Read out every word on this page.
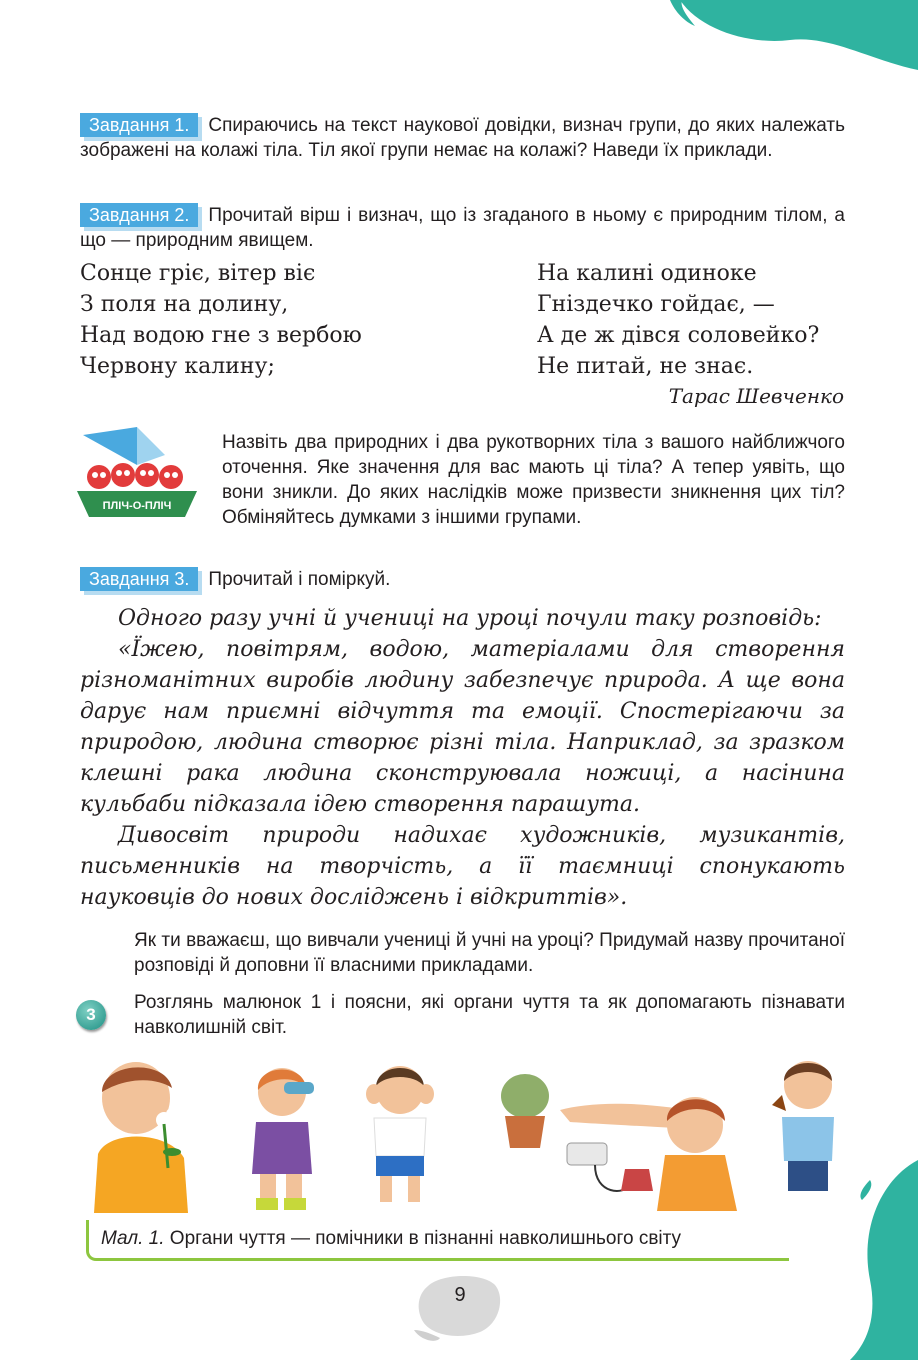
Завдання 1. Спираючись на текст наукової довідки, визнач групи, до яких належать зображені на колажі тіла. Тіл якої групи немає на колажі? Наведи їх приклади.
Завдання 2. Прочитай вірш і визнач, що із згаданого в ньому є природним тілом, а що — природним явищем.
Сонце гріє, вітер віє
З поля на долину,
Над водою гне з вербою
Червону калину;
На калині одиноке
Гніздечко гойдає, —
А де ж дівся соловейко?
Не питай, не знає.
Тарас Шевченко
ПЛІЧ-О-ПЛІЧ
Назвіть два природних і два рукотворних тіла з вашого найближчого оточення. Яке значення для вас мають ці тіла? А тепер уявіть, що вони зникли. До яких наслідків може призвести зникнення цих тіл? Обміняйтесь думками з іншими групами.
Завдання 3. Прочитай і поміркуй.

Одного разу учні й учениці на уроці почули таку розповідь:

«Їжею, повітрям, водою, матеріалами для створення різноманітних виробів людину забезпечує природа. А ще вона дарує нам приємні відчуття та емоції. Спостерігаючи за природою, людина створює різні тіла. Наприклад, за зразком клешні рака людина сконструювала ножиці, а насінина кульбаби підказала ідею створення парашута.

Дивосвіт природи надихає художників, музикантів, письменників на творчість, а її таємниці спонукають науковців до нових досліджень і відкриттів».

Як ти вважаєш, що вивчали учениці й учні на уроці? Придумай назву прочитаної розповіді й доповни її власними прикладами.
3
Розглянь малюнок 1 і поясни, які органи чуття та як допомагають пізнавати навколишній світ.
Мал. 1. Органи чуття — помічники в пізнанні навколишнього світу
9
